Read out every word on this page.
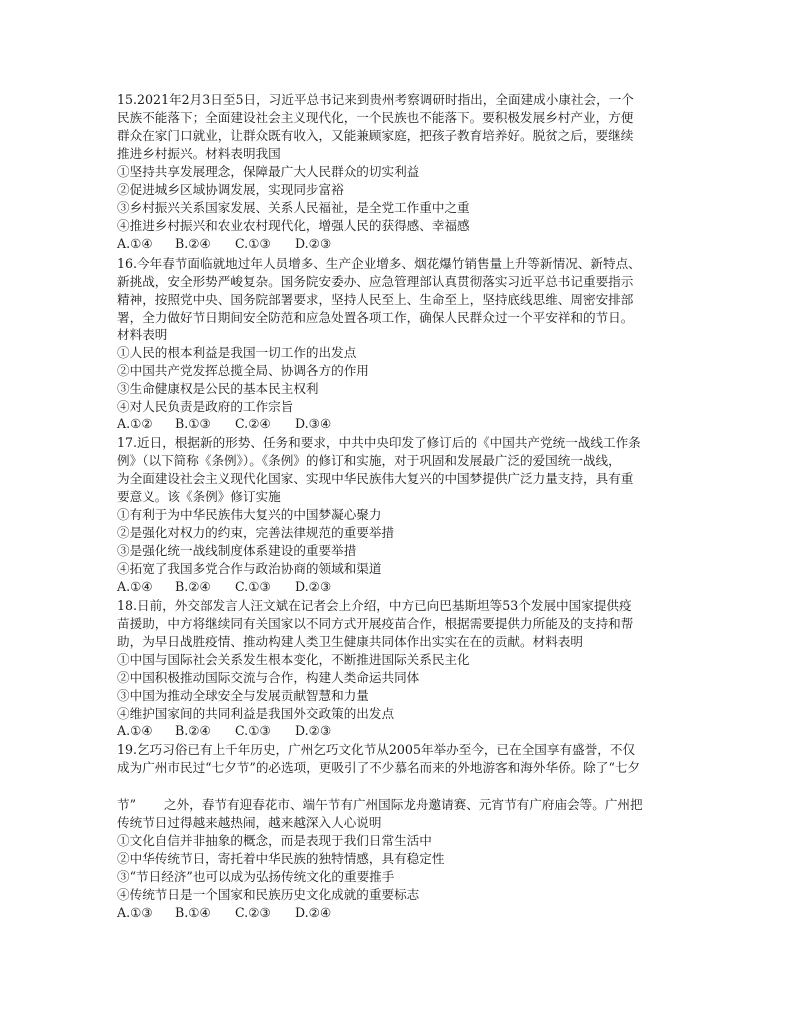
15.2021年2月3日至5日，习近平总书记来到贵州考察调研时指出，全面建成小康社会，一个
民族不能落下；全面建设社会主义现代化，一个民族也不能落下。要积极发展乡村产业，方便
群众在家门口就业，让群众既有收入，又能兼顾家庭，把孩子教育培养好。脱贫之后，要继续
推进乡村振兴。材料表明我国
①坚持共享发展理念，保障最广大人民群众的切实利益
②促进城乡区域协调发展，实现同步富裕
③乡村振兴关系国家发展、关系人民福祉，是全党工作重中之重
④推进乡村振兴和农业农村现代化，增强人民的获得感、幸福感
A.①④ B.②④ C.①③ D.②③
16.今年春节面临就地过年人员增多、生产企业增多、烟花爆竹销售量上升等新情况、新特点、
新挑战，安全形势严峻复杂。国务院安委办、应急管理部认真贯彻落实习近平总书记重要指示
精神，按照党中央、国务院部署要求，坚持人民至上、生命至上，坚持底线思维、周密安排部
署，全力做好节日期间安全防范和应急处置各项工作，确保人民群众过一个平安祥和的节日。
材料表明
①人民的根本利益是我国一切工作的出发点
②中国共产党发挥总揽全局、协调各方的作用
③生命健康权是公民的基本民主权利
④对人民负责是政府的工作宗旨
A.①② B.①③ C.②④ D.③④
17.近日，根据新的形势、任务和要求，中共中央印发了修订后的《中国共产党统一战线工作条
例》（以下简称《条例》）。《条例》的修订和实施，对于巩固和发展最广泛的爱国统一战线，
为全面建设社会主义现代化国家、实现中华民族伟大复兴的中国梦提供广泛力量支持，具有重
要意义。该《条例》修订实施
①有利于为中华民族伟大复兴的中国梦凝心聚力
②是强化对权力的约束，完善法律规范的重要举措
③是强化统一战线制度体系建设的重要举措
④拓宽了我国多党合作与政治协商的领域和渠道
A.①④ B.②④ C.①③ D.②③
18.日前，外交部发言人汪文斌在记者会上介绍，中方已向巴基斯坦等53个发展中国家提供疫
苗援助，中方将继续同有关国家以不同方式开展疫苗合作，根据需要提供力所能及的支持和帮
助，为早日战胜疫情、推动构建人类卫生健康共同体作出实实在在的贡献。材料表明
①中国与国际社会关系发生根本变化，不断推进国际关系民主化
②中国积极推动国际交流与合作，构建人类命运共同体
③中国为推动全球安全与发展贡献智慧和力量
④维护国家间的共同利益是我国外交政策的出发点
A.①④ B.②④ C.①③ D.②③
19.乞巧习俗已有上千年历史，广州乞巧文化节从2005年举办至今，已在全国享有盛誉，不仅
成为广州市民过“七夕节”的必选项，更吸引了不少慕名而来的外地游客和海外华侨。除了“七夕
节”       之外，春节有迎春花市、端午节有广州国际龙舟邀请赛、元宵节有广府庙会等。广州把
传统节日过得越来越热闹，越来越深入人心说明
①文化自信并非抽象的概念，而是表现于我们日常生活中
②中华传统节日，寄托着中华民族的独特情感，具有稳定性
③“节日经济”也可以成为弘扬传统文化的重要推手
④传统节日是一个国家和民族历史文化成就的重要标志
A.①③ B.①④ C.②③ D.②④
